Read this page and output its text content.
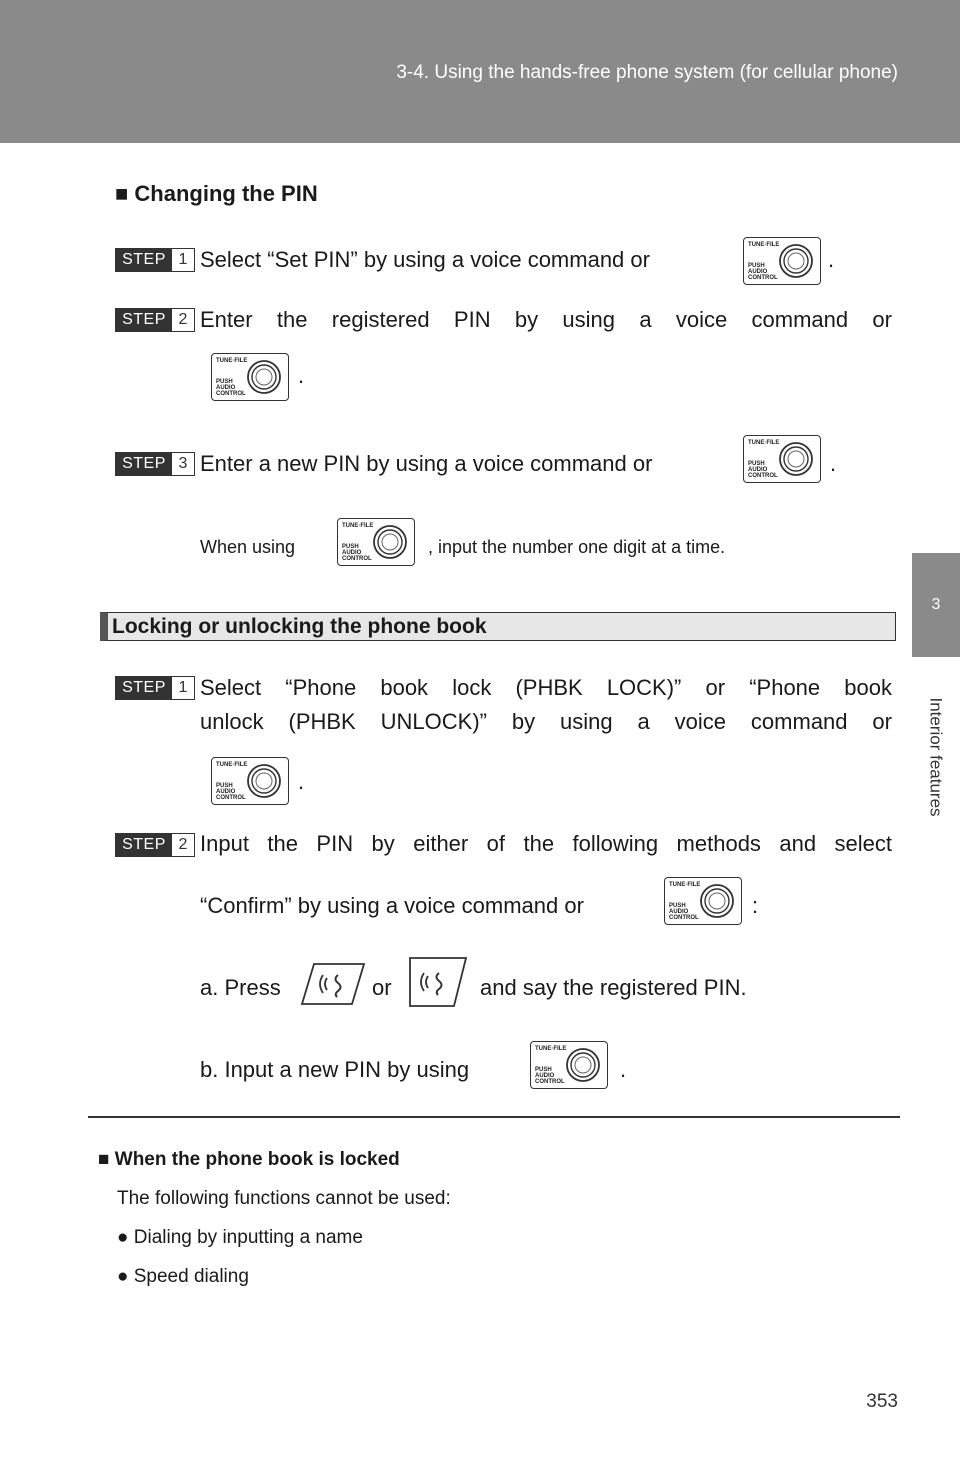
3-4. Using the hands-free phone system (for cellular phone)
3
Interior features
■ Changing the PIN
STEP 1 Select “Set PIN” by using a voice command or
TUNE·FILE
PUSH
AUDIO
CONTROL
.
STEP 2 Enter the registered PIN by using a voice command or
TUNE·FILE
PUSH
AUDIO
CONTROL
.
STEP 3 Enter a new PIN by using a voice command or
TUNE·FILE
PUSH
AUDIO
CONTROL .
When using
TUNE·FILE
PUSH
AUDIO
CONTROL
, input the number one digit at a time.
Locking or unlocking the phone book
STEP 1 Select “Phone book lock (PHBK LOCK)” or “Phone book
unlock (PHBK UNLOCK)” by using a voice command or
TUNE·FILE
PUSH
AUDIO
CONTROL
.
STEP 2 Input the PIN by either of the following methods and select
“Confirm” by using a voice command or
TUNE·FILE
PUSH
AUDIO
CONTROL :
a. Press	or	and say the registered PIN.
b. Input a new PIN by using
TUNE·FILE
PUSH
AUDIO
CONTROL	.
■ When the phone book is locked
The following functions cannot be used:
● Dialing by inputting a name
● Speed dialing
353
